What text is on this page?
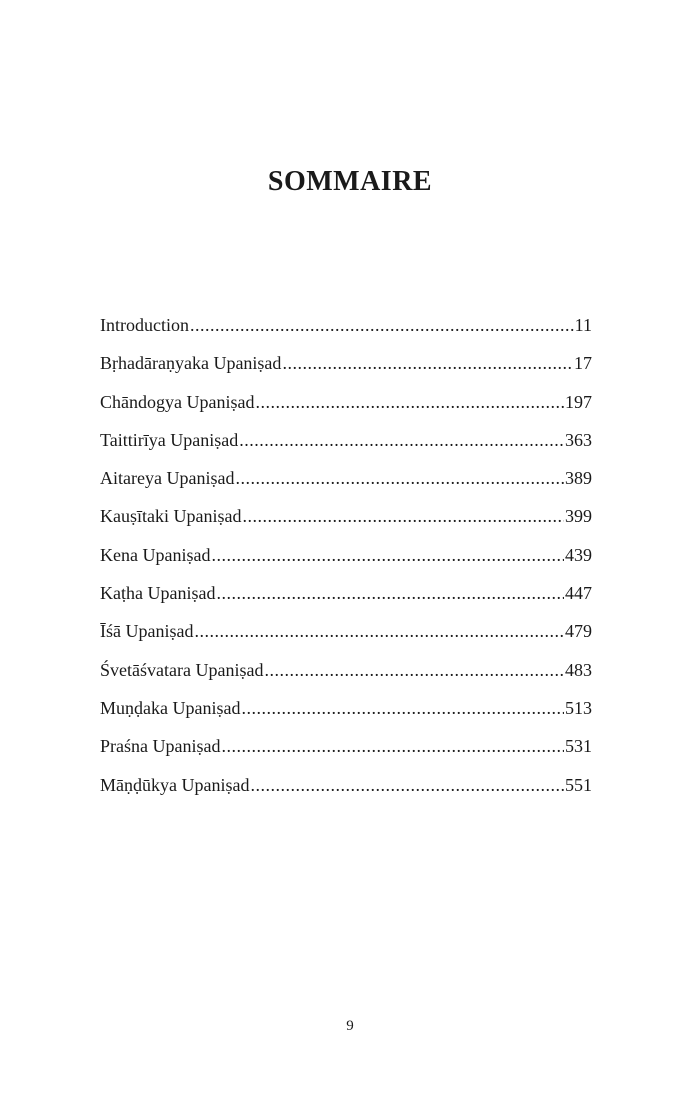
SOMMAIRE
Introduction .....	11
Bṛhadāraṇyaka Upaniṣad .....	17
Chāndogya Upaniṣad .....	197
Taittirīya Upaniṣad .....	363
Aitareya Upaniṣad .....	389
Kauṣītaki Upaniṣad .....	399
Kena Upaniṣad .....	439
Kaṭha Upaniṣad .....	447
Īśā Upaniṣad .....	479
Śvetāśvatara Upaniṣad .....	483
Muṇḍaka Upaniṣad .....	513
Praśna Upaniṣad .....	531
Māṇḍūkya Upaniṣad .....	551
9
